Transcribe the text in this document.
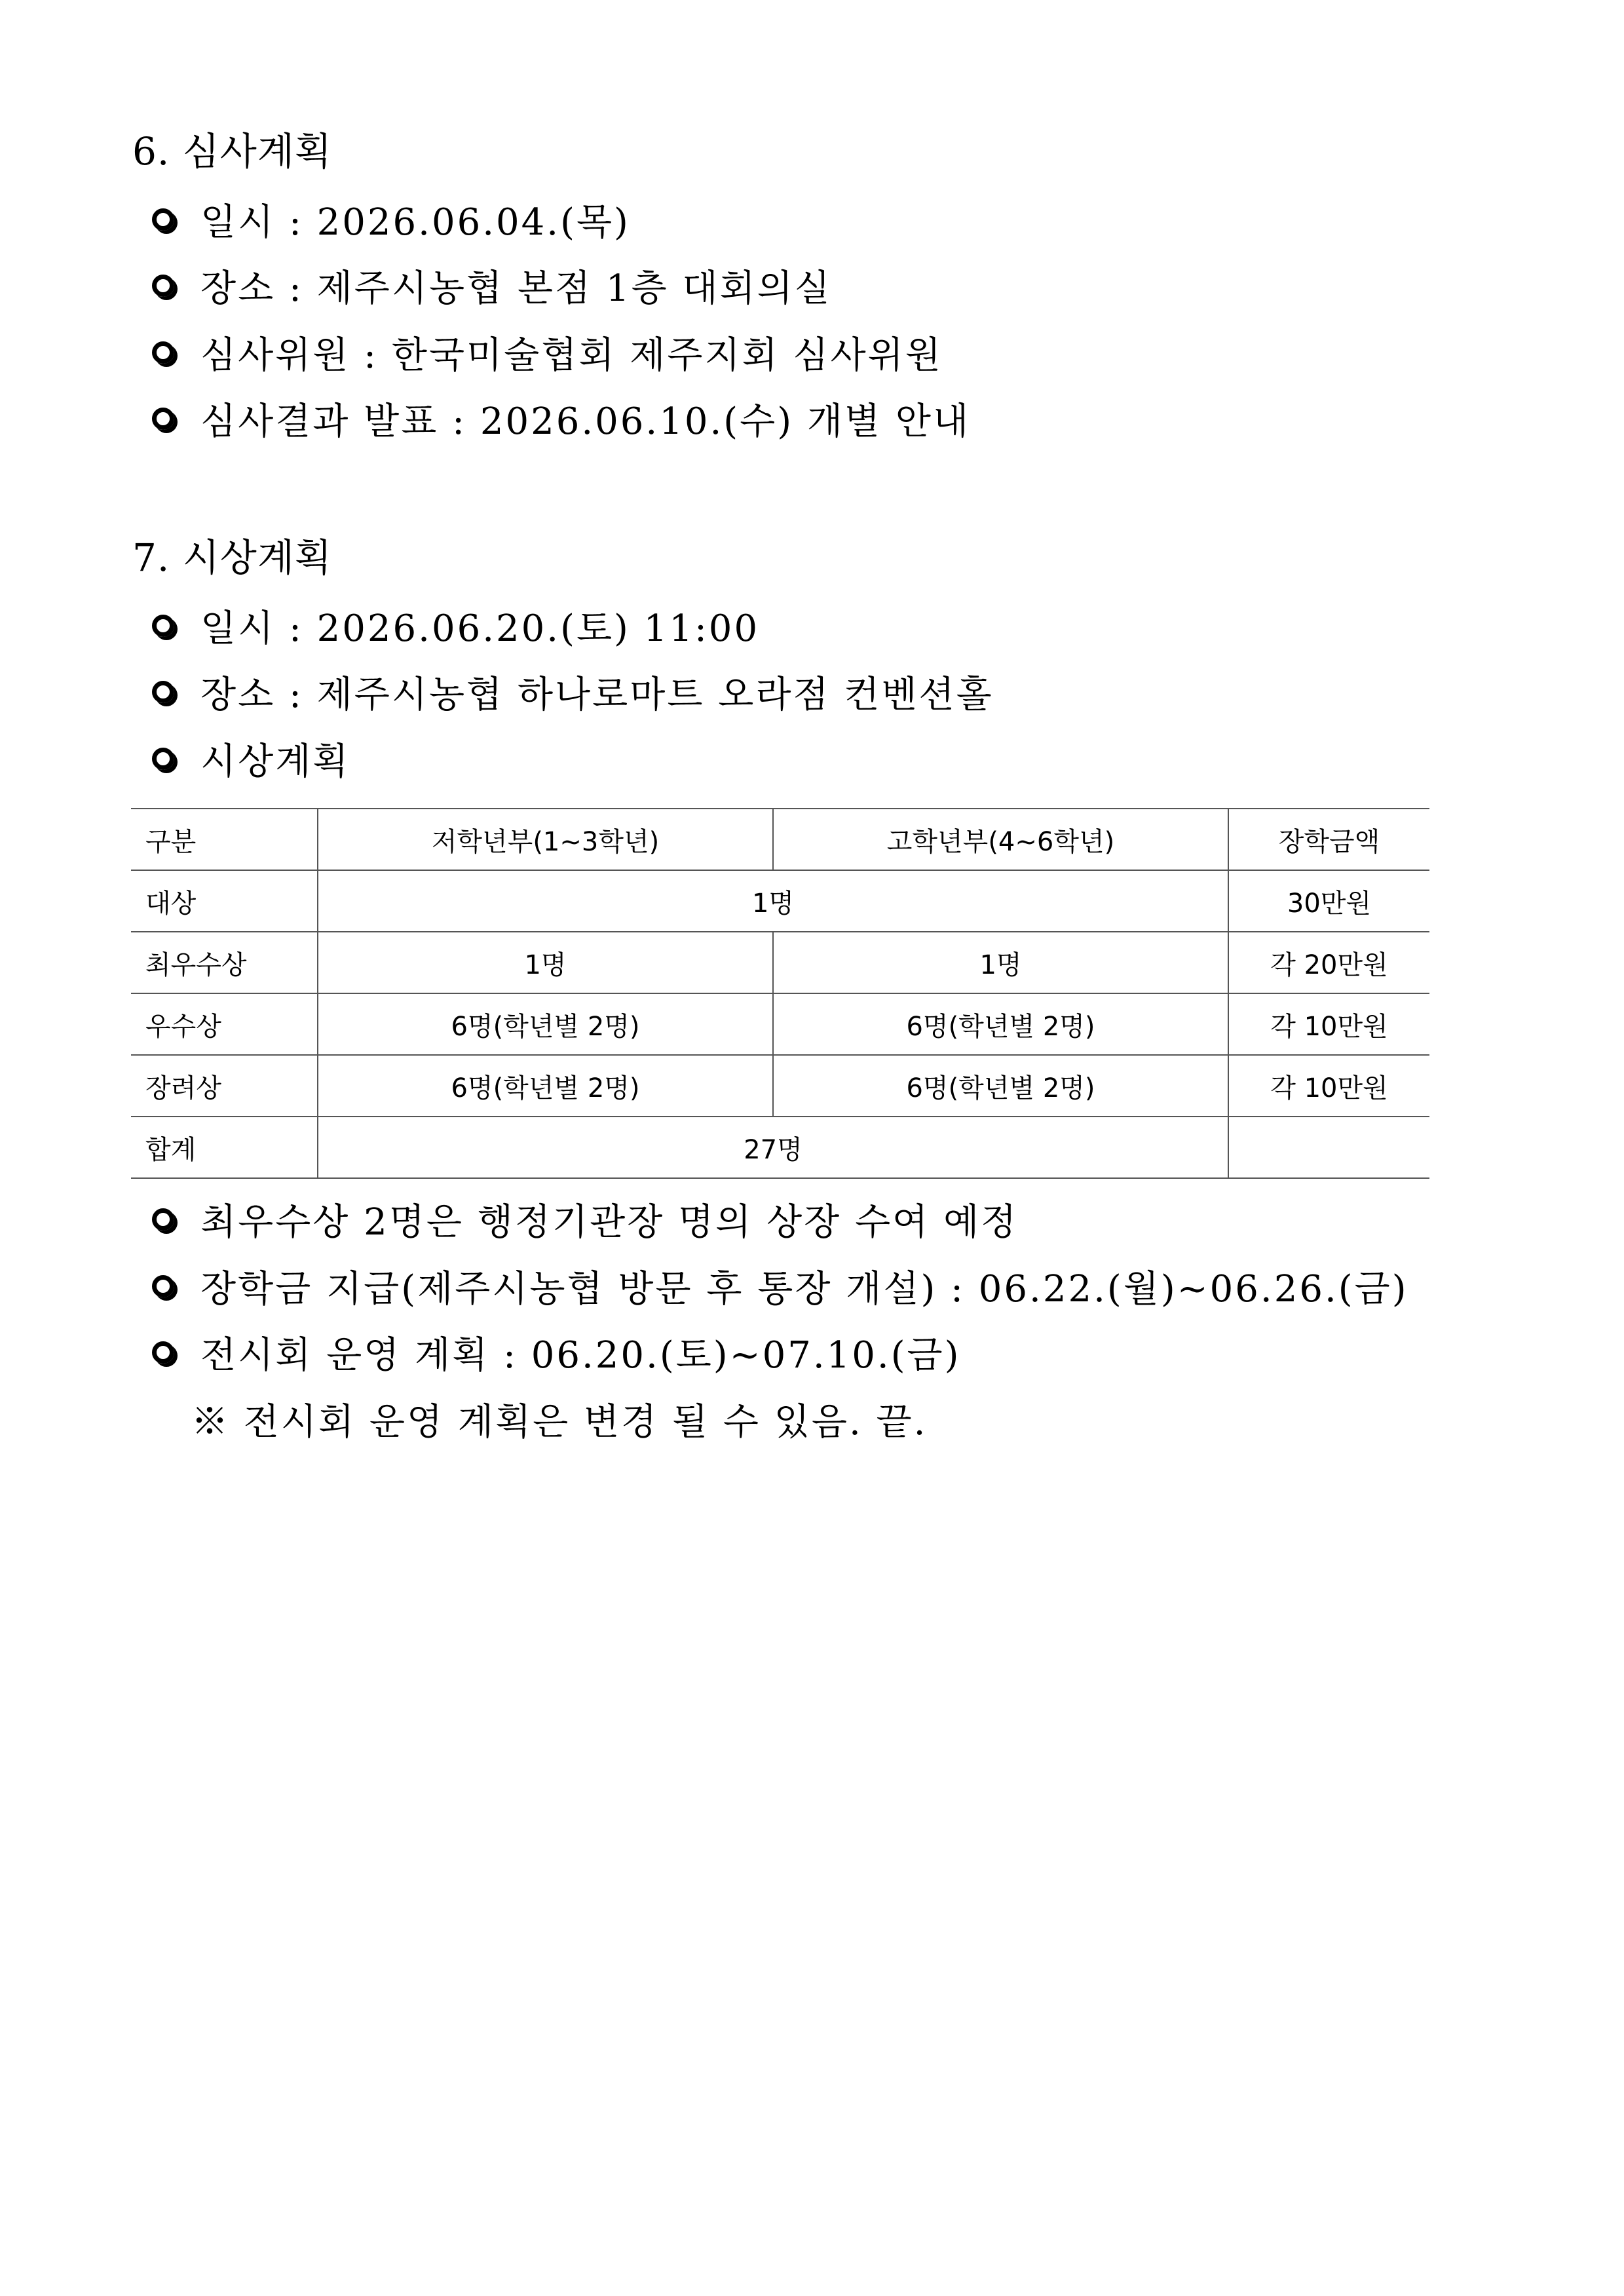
6. 심사계획
일시 : 2026.06.04.(목)
장소 : 제주시농협 본점 1층 대회의실
심사위원 : 한국미술협회 제주지회 심사위원
심사결과 발표 : 2026.06.10.(수) 개별 안내
7. 시상계획
일시 : 2026.06.20.(토) 11:00
장소 : 제주시농협 하나로마트 오라점 컨벤션홀
시상계획
구분	저학년부(1~3학년)	고학년부(4~6학년)	장학금액
대상	1명		30만원
최우수상	1명	1명	각 20만원
우수상	6명(학년별 2명)	6명(학년별 2명)	각 10만원
장려상	6명(학년별 2명)	6명(학년별 2명)	각 10만원
합계	27명		
최우수상 2명은 행정기관장 명의 상장 수여 예정
장학금 지급(제주시농협 방문 후 통장 개설) : 06.22.(월)~06.26.(금)
전시회 운영 계획 : 06.20.(토)~07.10.(금)
※ 전시회 운영 계획은 변경 될 수 있음. 끝.
